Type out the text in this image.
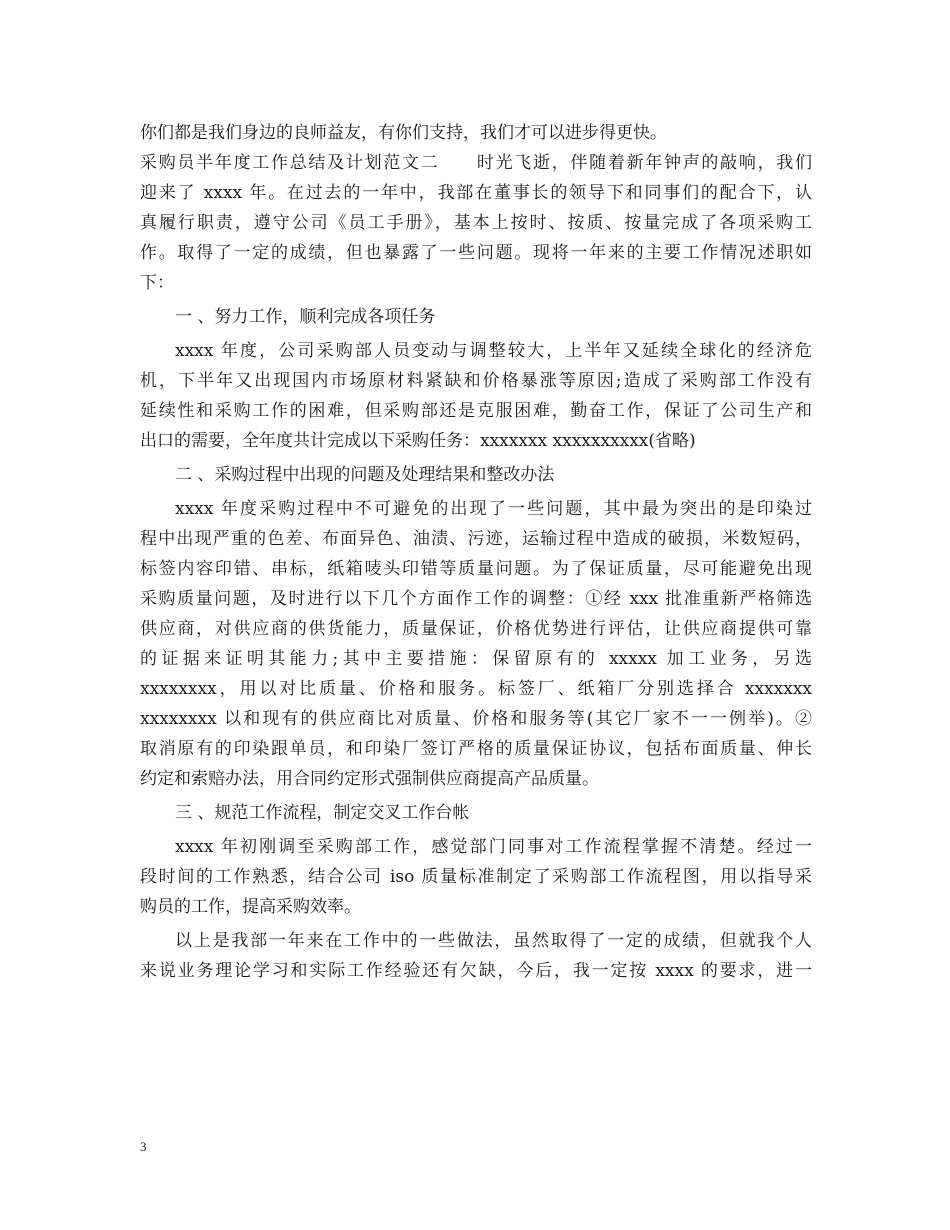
你们都是我们身边的良师益友，有你们支持，我们才可以进步得更快。
采购员半年度工作总结及计划范文二　　时光飞逝，伴随着新年钟声的敲响，我们
迎来了 xxxx 年。在过去的一年中，我部在董事长的领导下和同事们的配合下，认
真履行职责，遵守公司《员工手册》，基本上按时、按质、按量完成了各项采购工
作。取得了一定的成绩，但也暴露了一些问题。现将一年来的主要工作情况述职如
下：
一 、努力工作，顺利完成各项任务
xxxx 年度，公司采购部人员变动与调整较大，上半年又延续全球化的经济危
机，下半年又出现国内市场原材料紧缺和价格暴涨等原因;造成了采购部工作没有
延续性和采购工作的困难，但采购部还是克服困难，勤奋工作，保证了公司生产和
出口的需要，全年度共计完成以下采购任务：xxxxxxx xxxxxxxxxx(省略)
二 、采购过程中出现的问题及处理结果和整改办法
xxxx 年度采购过程中不可避免的出现了一些问题，其中最为突出的是印染过
程中出现严重的色差、布面异色、油渍、污迹，运输过程中造成的破损，米数短码，
标签内容印错、串标，纸箱唛头印错等质量问题。为了保证质量，尽可能避免出现
采购质量问题，及时进行以下几个方面作工作的调整：①经 xxx 批准重新严格筛选
供应商，对供应商的供货能力，质量保证，价格优势进行评估，让供应商提供可靠
的证据来证明其能力;其中主要措施：保留原有的 xxxxx 加工业务，另选
xxxxxxxx，用以对比质量、价格和服务。标签厂、纸箱厂分别选择合 xxxxxxx
xxxxxxxx 以和现有的供应商比对质量、价格和服务等(其它厂家不一一例举)。②
取消原有的印染跟单员，和印染厂签订严格的质量保证协议，包括布面质量、伸长
约定和索赔办法，用合同约定形式强制供应商提高产品质量。
三 、规范工作流程，制定交叉工作台帐
xxxx 年初刚调至采购部工作，感觉部门同事对工作流程掌握不清楚。经过一
段时间的工作熟悉，结合公司 iso 质量标准制定了采购部工作流程图，用以指导采
购员的工作，提高采购效率。
以上是我部一年来在工作中的一些做法，虽然取得了一定的成绩，但就我个人
来说业务理论学习和实际工作经验还有欠缺，今后，我一定按 xxxx 的要求，进一
3
